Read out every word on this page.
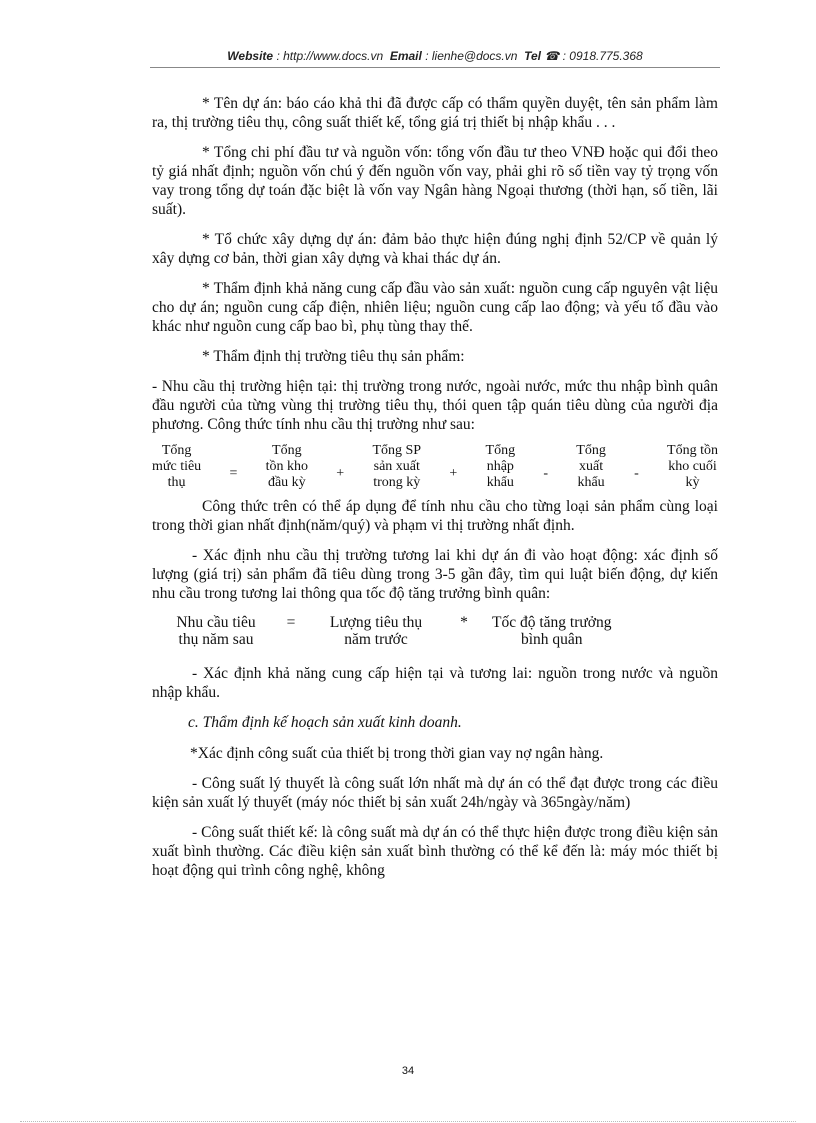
Website : http://www.docs.vn Email : lienhe@docs.vn Tel ☎ : 0918.775.368

* Tên dự án: báo cáo khả thi đã được cấp có thẩm quyền duyệt, tên sản phẩm làm ra, thị trường tiêu thụ, công suất thiết kế, tổng giá trị thiết bị nhập khẩu . . .

* Tổng chi phí đầu tư và nguồn vốn: tổng vốn đầu tư theo VNĐ hoặc qui đổi theo tỷ giá nhất định; nguồn vốn chú ý đến nguồn vốn vay, phải ghi rõ số tiền vay tỷ trọng vốn vay trong tổng dự toán đặc biệt là vốn vay Ngân hàng Ngoại thương (thời hạn, số tiền, lãi suất).

* Tổ chức xây dựng dự án: đảm bảo thực hiện đúng nghị định 52/CP về quản lý xây dựng cơ bản, thời gian xây dựng và khai thác dự án.

* Thẩm định khả năng cung cấp đầu vào sản xuất: nguồn cung cấp nguyên vật liệu cho dự án; nguồn cung cấp điện, nhiên liệu; nguồn cung cấp lao động; và yếu tố đầu vào khác như nguồn cung cấp bao bì, phụ tùng thay thế.

* Thẩm định thị trường tiêu thụ sản phẩm:

- Nhu cầu thị trường hiện tại: thị trường trong nước, ngoài nước, mức thu nhập bình quân đầu người của từng vùng thị trường tiêu thụ, thói quen tập quán tiêu dùng của người địa phương. Công thức tính nhu cầu thị trường như sau:

Tổng
mức tiêu
thụ
=
Tổng
tồn kho
đầu kỳ
+
Tổng SP
sản xuất
trong kỳ
+
Tổng
nhập
khẩu
-
Tổng
xuất
khẩu
-
Tổng tồn
kho cuối
kỳ

Công thức trên có thể áp dụng để tính nhu cầu cho từng loại sản phẩm cùng loại trong thời gian nhất định(năm/quý) và phạm vi thị trường nhất định.

- Xác định nhu cầu thị trường tương lai khi dự án đi vào hoạt động: xác định số lượng (giá trị) sản phẩm đã tiêu dùng trong 3-5 gần đây, tìm qui luật biến động, dự kiến nhu cầu trong tương lai thông qua tốc độ tăng trưởng bình quân:

Nhu cầu tiêu
thụ năm sau
=	Lượng tiêu thụ
năm trước
*	Tốc độ tăng trưởng
bình quân

- Xác định khả năng cung cấp hiện tại và tương lai: nguồn trong nước và nguồn nhập khẩu.

c. Thẩm định kế hoạch sản xuất kinh doanh.

*Xác định công suất của thiết bị trong thời gian vay nợ ngân hàng.

- Công suất lý thuyết là công suất lớn nhất mà dự án có thể đạt được trong các điều kiện sản xuất lý thuyết (máy nóc thiết bị sản xuất 24h/ngày và 365ngày/năm)

- Công suất thiết kế: là công suất mà dự án có thể thực hiện được trong điều kiện sản xuất bình thường. Các điều kiện sản xuất bình thường có thể kể đến là: máy móc thiết bị hoạt động qui trình công nghệ, không

34
